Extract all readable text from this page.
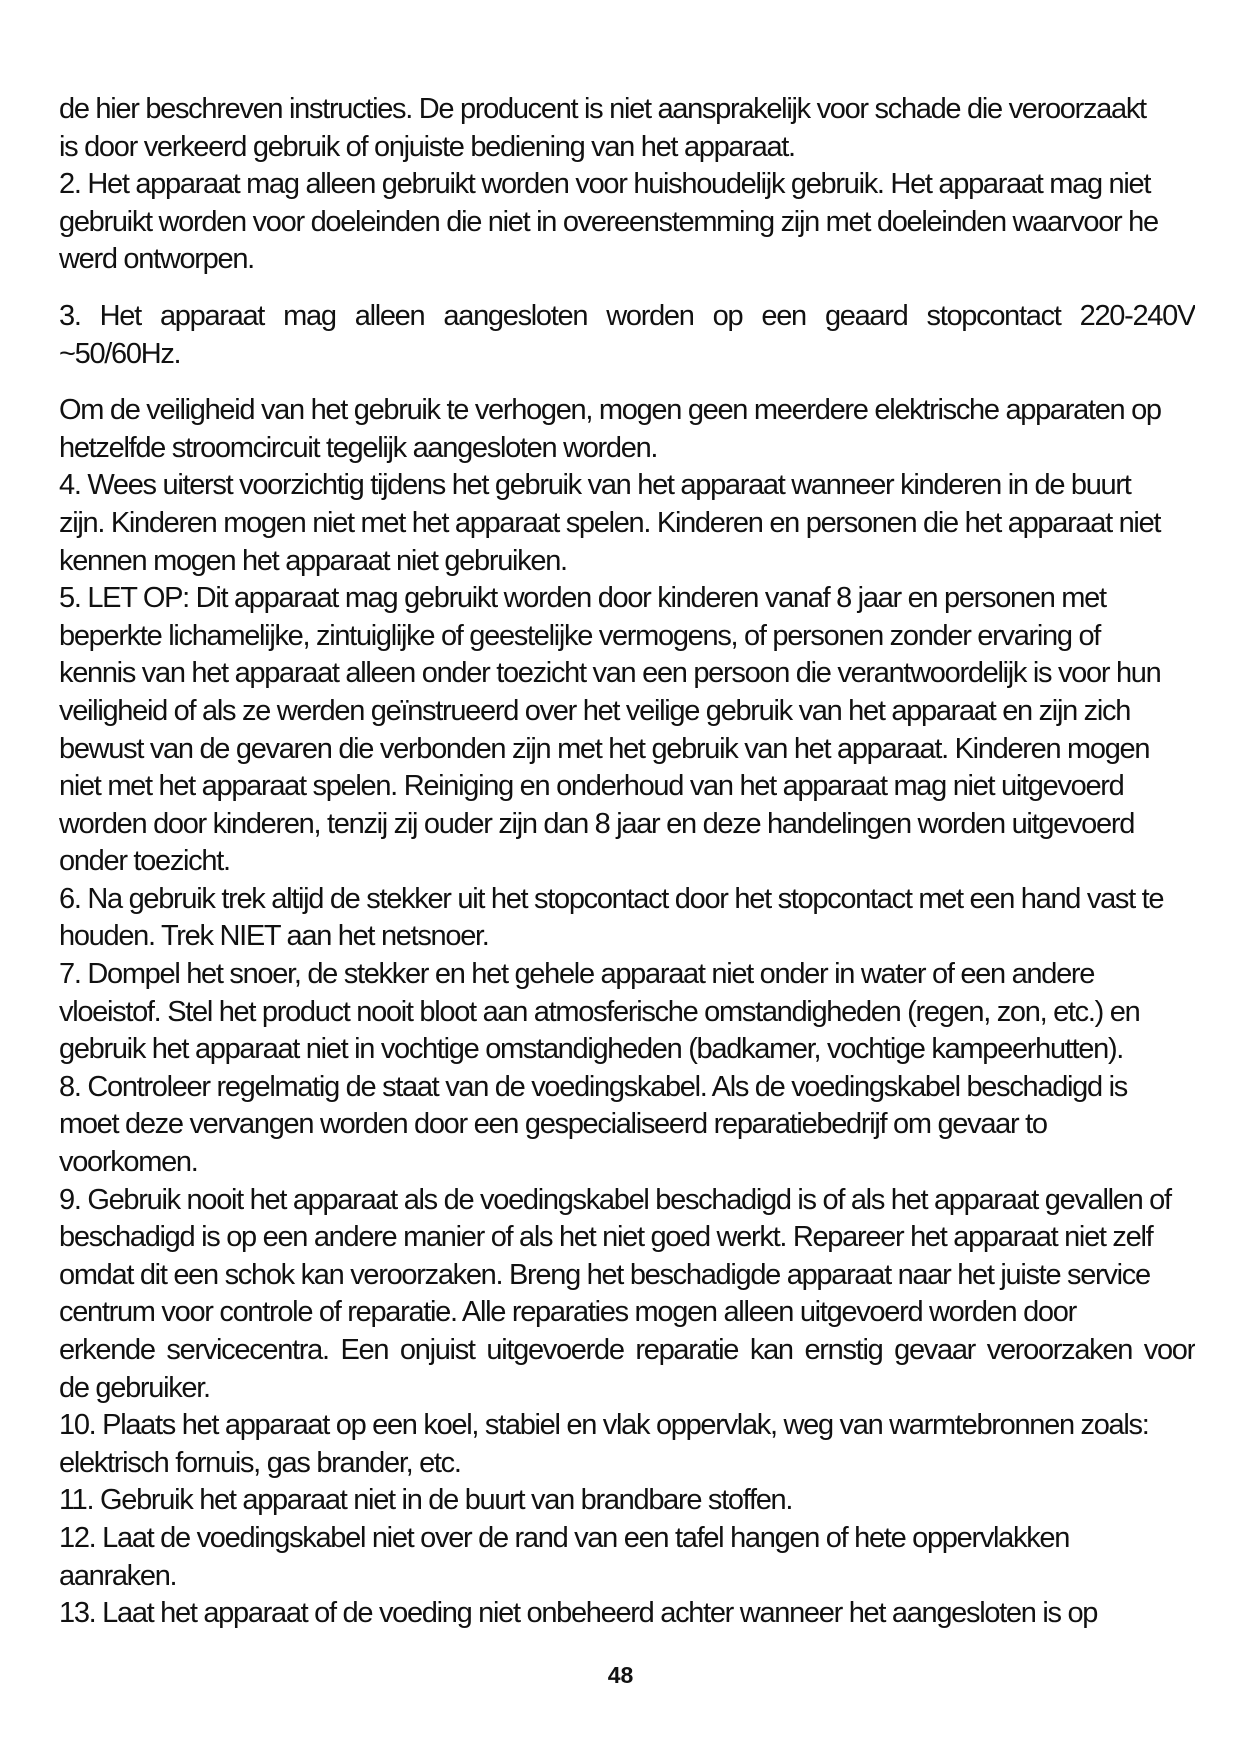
de hier beschreven instructies. De producent is niet aansprakelijk voor schade die veroorzaakt
is door verkeerd gebruik of onjuiste bediening van het apparaat.
2. Het apparaat mag alleen gebruikt worden voor huishoudelijk gebruik. Het apparaat mag niet
gebruikt worden voor doeleinden die niet in overeenstemming zijn met doeleinden waarvoor he
werd ontworpen.
3. Het apparaat mag alleen aangesloten worden op een geaard stopcontact 220-240V
~50/60Hz.
Om de veiligheid van het gebruik te verhogen, mogen geen meerdere elektrische apparaten op
hetzelfde stroomcircuit tegelijk aangesloten worden.
4. Wees uiterst voorzichtig tijdens het gebruik van het apparaat wanneer kinderen in de buurt
zijn. Kinderen mogen niet met het apparaat spelen. Kinderen en personen die het apparaat niet
kennen mogen het apparaat niet gebruiken.
5. LET OP: Dit apparaat mag gebruikt worden door kinderen vanaf 8 jaar en personen met
beperkte lichamelijke, zintuiglijke of geestelijke vermogens, of personen zonder ervaring of
kennis van het apparaat alleen onder toezicht van een persoon die verantwoordelijk is voor hun
veiligheid of als ze werden geïnstrueerd over het veilige gebruik van het apparaat en zijn zich
bewust van de gevaren die verbonden zijn met het gebruik van het apparaat. Kinderen mogen
niet met het apparaat spelen. Reiniging en onderhoud van het apparaat mag niet uitgevoerd
worden door kinderen, tenzij zij ouder zijn dan 8 jaar en deze handelingen worden uitgevoerd
onder toezicht.
6. Na gebruik trek altijd de stekker uit het stopcontact door het stopcontact met een hand vast te
houden. Trek NIET aan het netsnoer.
7. Dompel het snoer, de stekker en het gehele apparaat niet onder in water of een andere
vloeistof. Stel het product nooit bloot aan atmosferische omstandigheden (regen, zon, etc.) en
gebruik het apparaat niet in vochtige omstandigheden (badkamer, vochtige kampeerhutten).
8. Controleer regelmatig de staat van de voedingskabel. Als de voedingskabel beschadigd is
moet deze vervangen worden door een gespecialiseerd reparatiebedrijf om gevaar to
voorkomen.
9. Gebruik nooit het apparaat als de voedingskabel beschadigd is of als het apparaat gevallen of
beschadigd is op een andere manier of als het niet goed werkt. Repareer het apparaat niet zelf
omdat dit een schok kan veroorzaken. Breng het beschadigde apparaat naar het juiste service
centrum voor controle of reparatie. Alle reparaties mogen alleen uitgevoerd worden door
erkende servicecentra. Een onjuist uitgevoerde reparatie kan ernstig gevaar veroorzaken voor
de gebruiker.
10. Plaats het apparaat op een koel, stabiel en vlak oppervlak, weg van warmtebronnen zoals:
elektrisch fornuis, gas brander, etc.
11. Gebruik het apparaat niet in de buurt van brandbare stoffen.
12. Laat de voedingskabel niet over de rand van een tafel hangen of hete oppervlakken
aanraken.
13. Laat het apparaat of de voeding niet onbeheerd achter wanneer het aangesloten is op
48
